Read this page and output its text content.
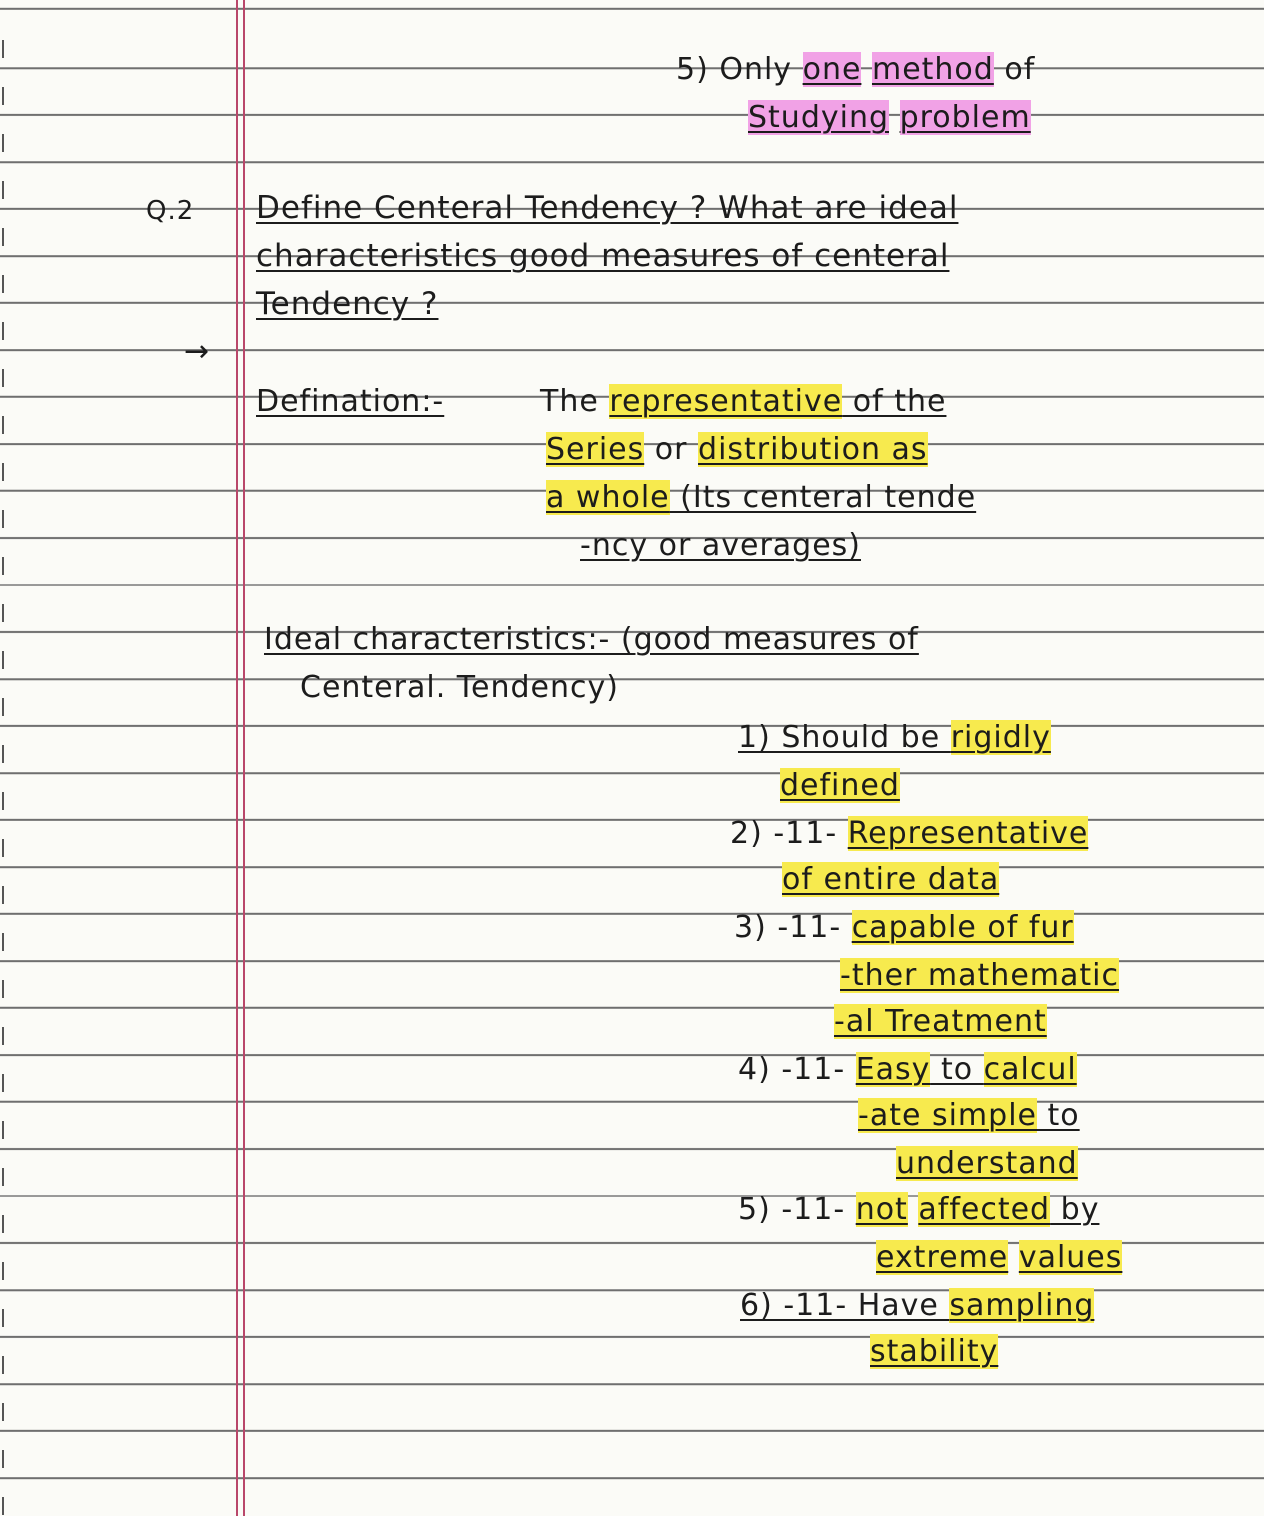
5) Only one method of
Studying problem
Q.2 Define Centeral Tendency ? What are ideal
characteristics good measures of centeral
Tendency ?
→
Defination:-	The representative of the
Series or distribution as
a whole (Its centeral tende
-ncy or averages)
Ideal characteristics:- (good measures of
Centeral. Tendency)
1) Should be rigidly
defined
2) -11- Representative
of entire data
3) -11- capable of fur
-ther mathematic
-al Treatment
4) -11- Easy to calcul
-ate simple to
understand
5) -11- not affected by
extreme values
6) -11- Have sampling
stability
